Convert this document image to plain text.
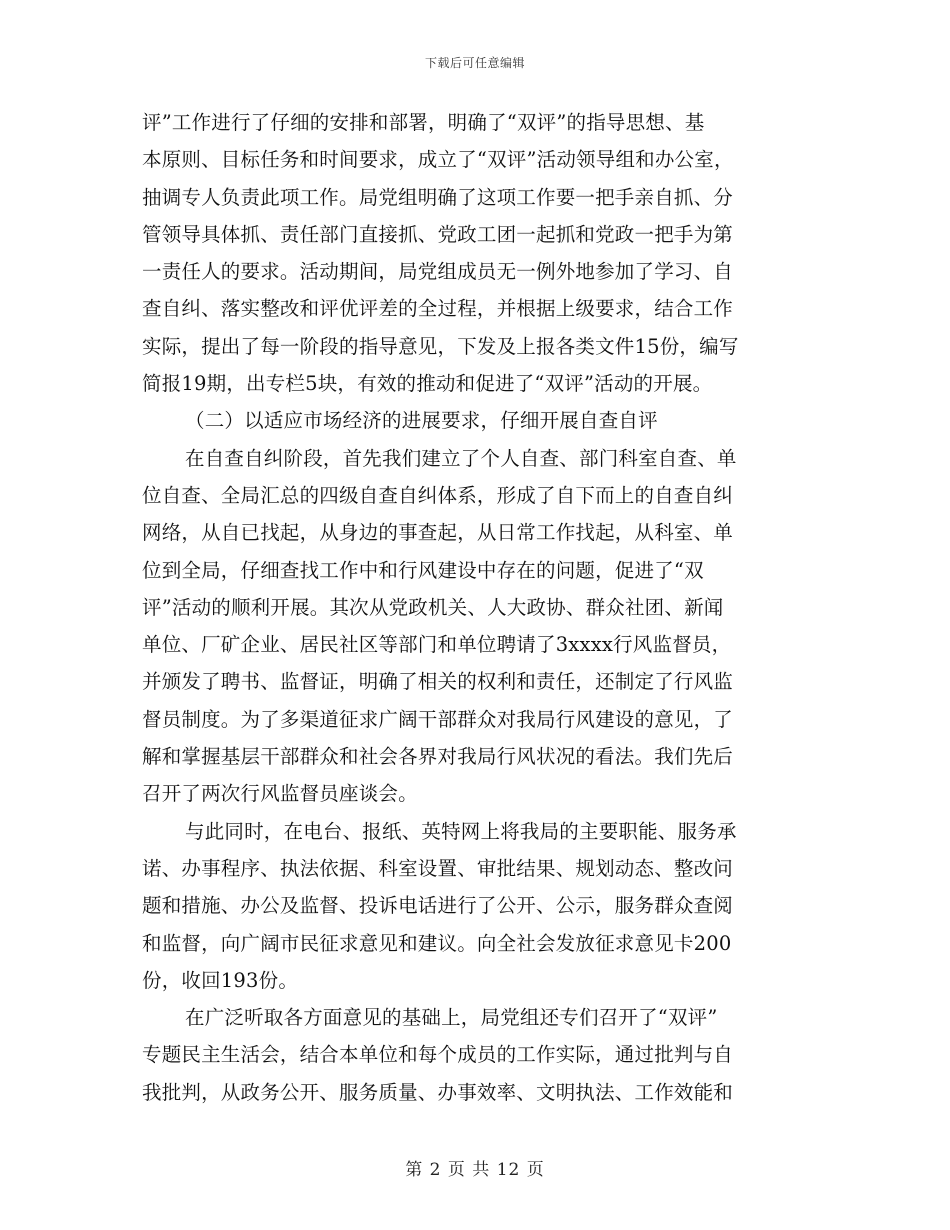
下载后可任意编辑
评”工作进行了仔细的安排和部署，明确了“双评”的指导思想、基
本原则、目标任务和时间要求，成立了“双评”活动领导组和办公室，
抽调专人负责此项工作。局党组明确了这项工作要一把手亲自抓、分
管领导具体抓、责任部门直接抓、党政工团一起抓和党政一把手为第
一责任人的要求。活动期间，局党组成员无一例外地参加了学习、自
查自纠、落实整改和评优评差的全过程，并根据上级要求，结合工作
实际，提出了每一阶段的指导意见，下发及上报各类文件15份，编写
简报19期，出专栏5块，有效的推动和促进了“双评”活动的开展。
（二）以适应市场经济的进展要求，仔细开展自查自评
在自查自纠阶段，首先我们建立了个人自查、部门科室自查、单
位自查、全局汇总的四级自查自纠体系，形成了自下而上的自查自纠
网络，从自已找起，从身边的事查起，从日常工作找起，从科室、单
位到全局，仔细查找工作中和行风建设中存在的问题，促进了“双
评”活动的顺利开展。其次从党政机关、人大政协、群众社团、新闻
单位、厂矿企业、居民社区等部门和单位聘请了3xxxx行风监督员，
并颁发了聘书、监督证，明确了相关的权利和责任，还制定了行风监
督员制度。为了多渠道征求广阔干部群众对我局行风建设的意见，了
解和掌握基层干部群众和社会各界对我局行风状况的看法。我们先后
召开了两次行风监督员座谈会。
与此同时，在电台、报纸、英特网上将我局的主要职能、服务承
诺、办事程序、执法依据、科室设置、审批结果、规划动态、整改问
题和措施、办公及监督、投诉电话进行了公开、公示，服务群众查阅
和监督，向广阔市民征求意见和建议。向全社会发放征求意见卡200
份，收回193份。
在广泛听取各方面意见的基础上，局党组还专们召开了“双评”
专题民主生活会，结合本单位和每个成员的工作实际，通过批判与自
我批判，从政务公开、服务质量、办事效率、文明执法、工作效能和
第 2 页 共 12 页
